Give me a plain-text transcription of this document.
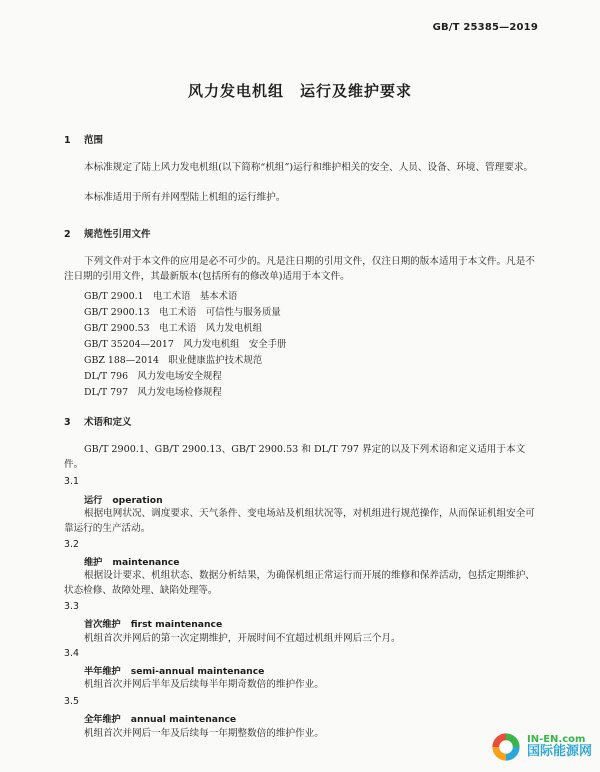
GB/T 25385—2019
风力发电机组　运行及维护要求
1 范围

本标准规定了陆上风力发电机组(以下简称“机组”)运行和维护相关的安全、人员、设备、环境、管理要求。

本标准适用于所有并网型陆上机组的运行维护。

2 规范性引用文件

下列文件对于本文件的应用是必不可少的。凡是注日期的引用文件，仅注日期的版本适用于本文件。凡是不注日期的引用文件，其最新版本(包括所有的修改单)适用于本文件。

GB/T 2900.1　电工术语　基本术语
GB/T 2900.13　电工术语　可信性与服务质量
GB/T 2900.53　电工术语　风力发电机组
GB/T 35204—2017　风力发电机组　安全手册
GBZ 188—2014　职业健康监护技术规范
DL/T 796　风力发电场安全规程
DL/T 797　风力发电场检修规程
3 术语和定义

GB/T 2900.1、GB/T 2900.13、GB/T 2900.53 和 DL/T 797 界定的以及下列术语和定义适用于本文件。

3.1
运行 operation

根据电网状况、调度要求、天气条件、变电场站及机组状况等，对机组进行规范操作，从而保证机组安全可靠运行的生产活动。

3.2
维护 maintenance

根据设计要求、机组状态、数据分析结果，为确保机组正常运行而开展的维修和保养活动，包括定期维护、状态检修、故障处理、缺陷处理等。

3.3
首次维护 first maintenance

机组首次并网后的第一次定期维护，开展时间不宜超过机组并网后三个月。

3.4
半年维护 semi-annual maintenance

机组首次并网后半年及后续每半年期奇数倍的维护作业。

3.5
全年维护 annual maintenance

机组首次并网后一年及后续每一年期整数倍的维护作业。

IN-EN.com
国际能源网
